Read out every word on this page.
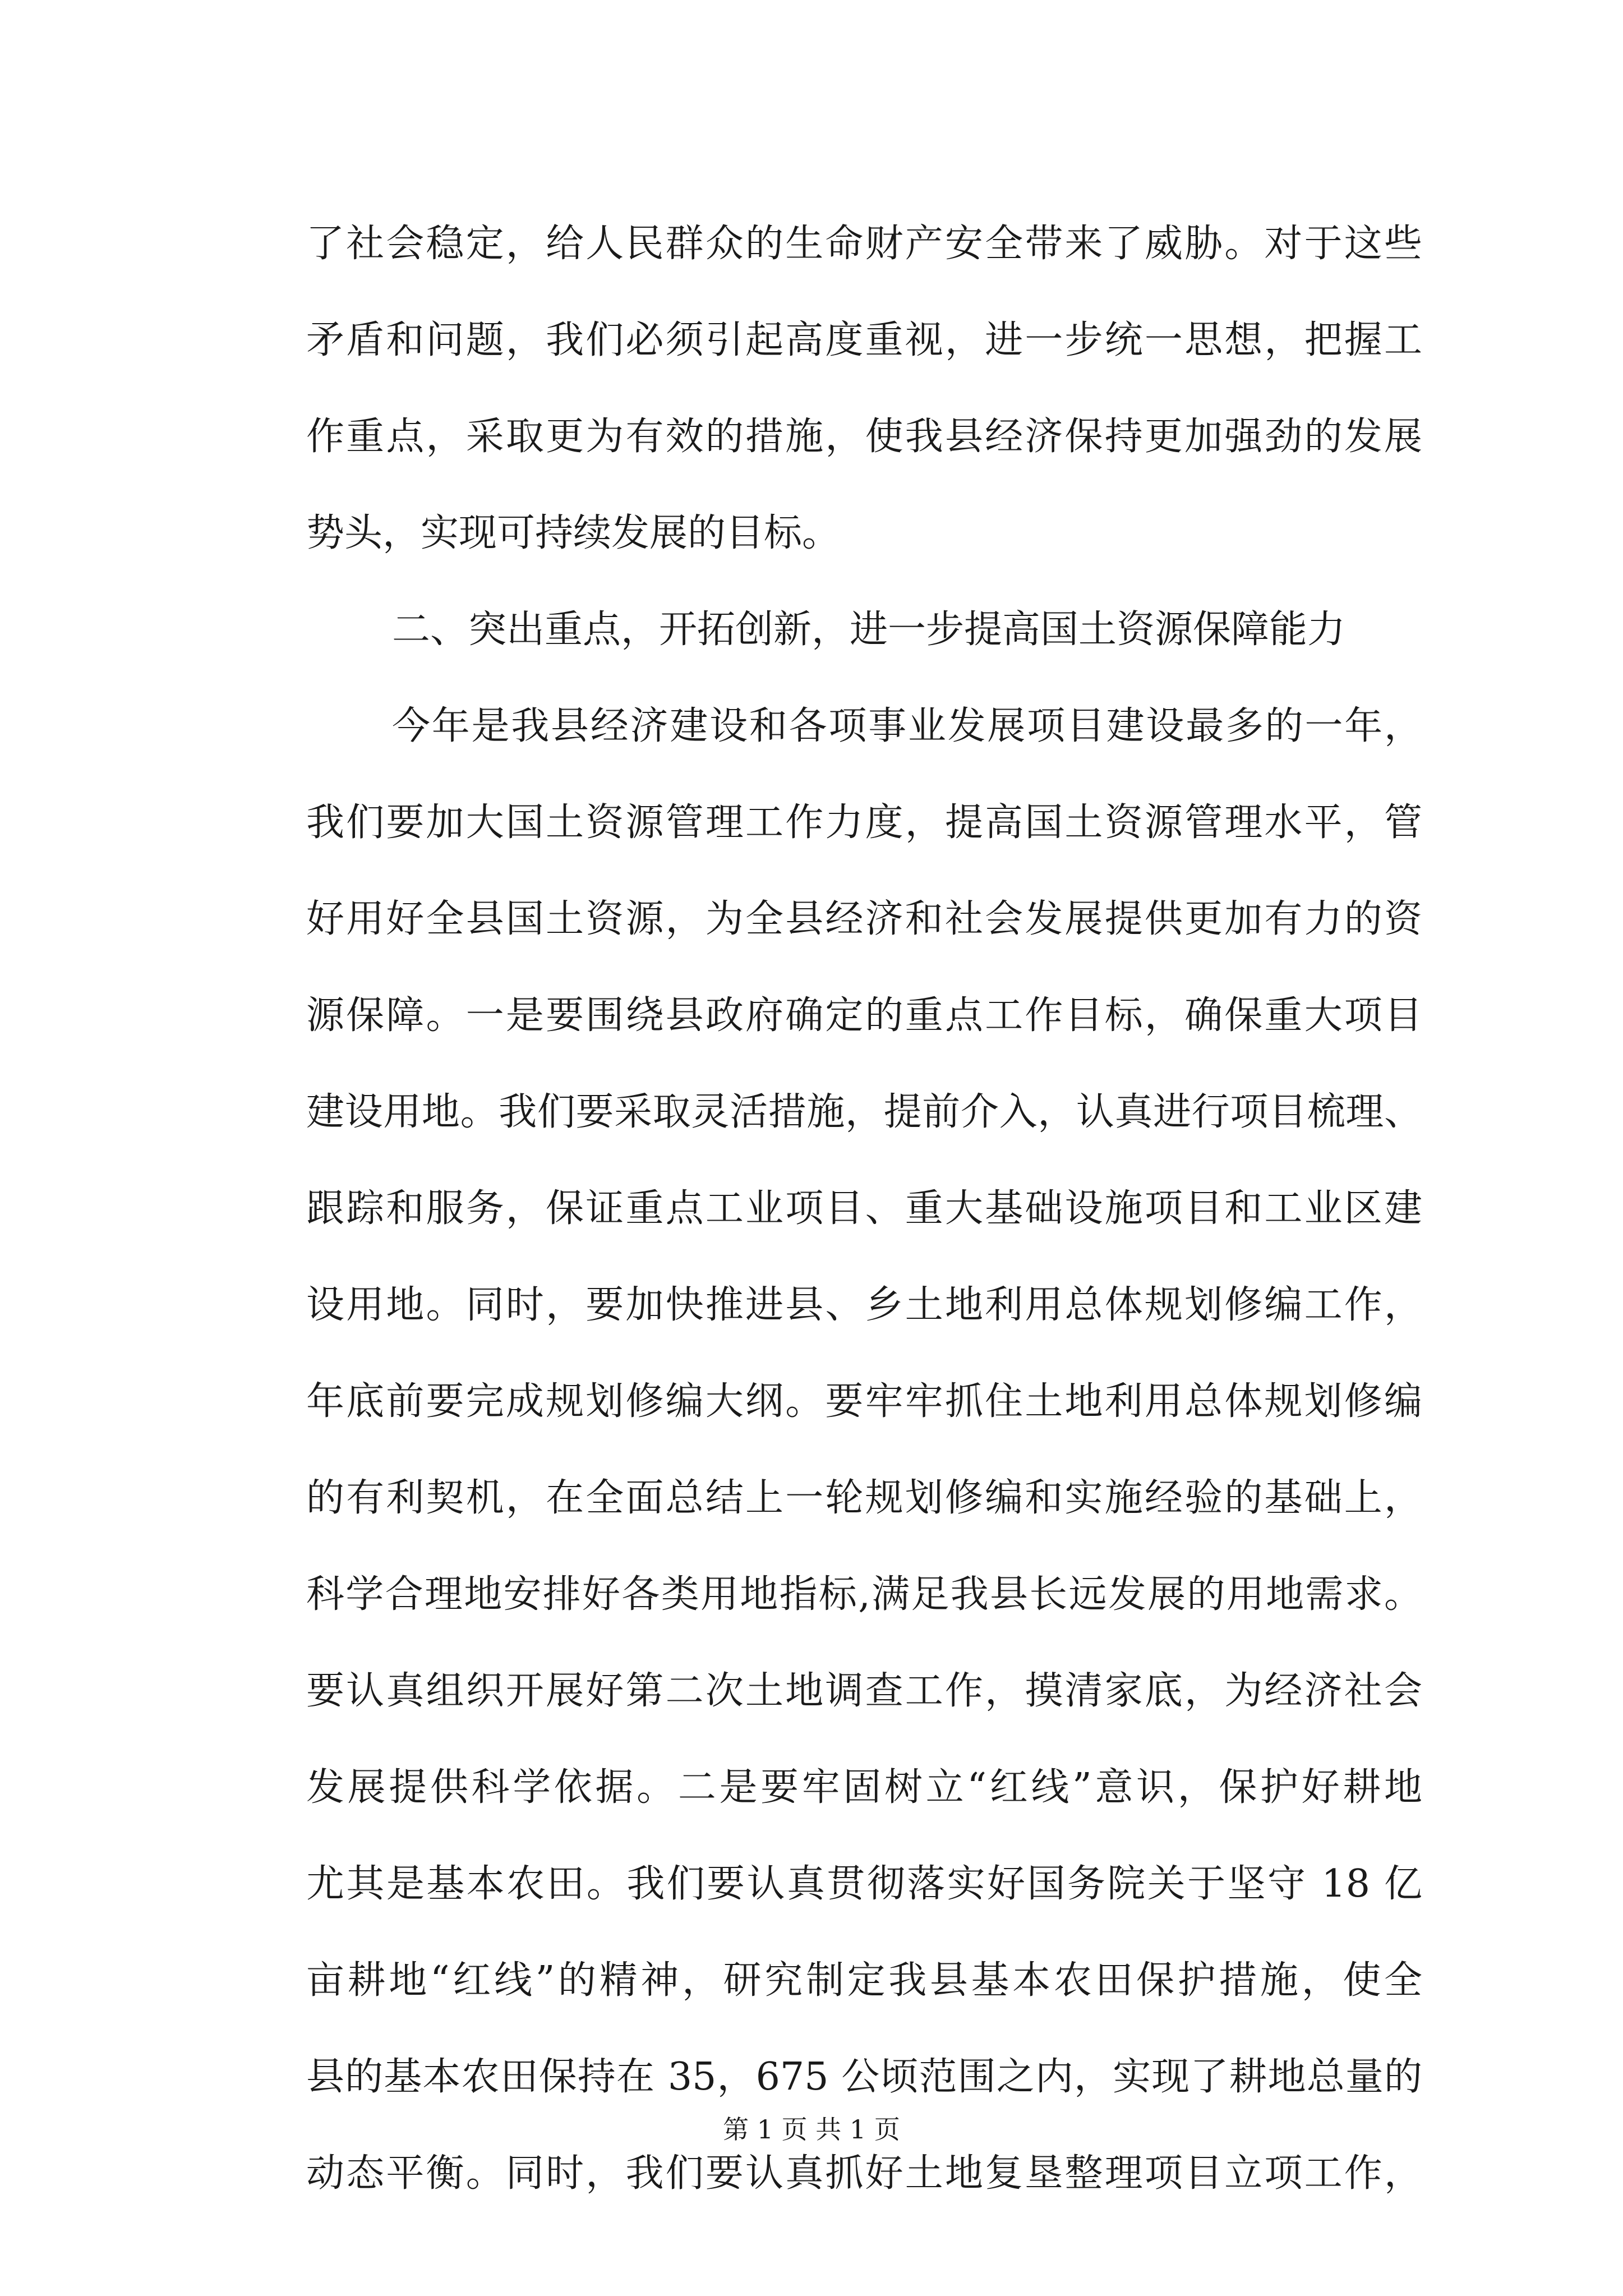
了社会稳定，给人民群众的生命财产安全带来了威胁。对于这些
矛盾和问题，我们必须引起高度重视，进一步统一思想，把握工
作重点，采取更为有效的措施，使我县经济保持更加强劲的发展
势头，实现可持续发展的目标。
二、突出重点，开拓创新，进一步提高国土资源保障能力
今年是我县经济建设和各项事业发展项目建设最多的一年，
我们要加大国土资源管理工作力度，提高国土资源管理水平，管
好用好全县国土资源，为全县经济和社会发展提供更加有力的资
源保障。一是要围绕县政府确定的重点工作目标，确保重大项目
建设用地。我们要采取灵活措施，提前介入，认真进行项目梳理、
跟踪和服务，保证重点工业项目、重大基础设施项目和工业区建
设用地。同时，要加快推进县、乡土地利用总体规划修编工作，
年底前要完成规划修编大纲。要牢牢抓住土地利用总体规划修编
的有利契机，在全面总结上一轮规划修编和实施经验的基础上，
科学合理地安排好各类用地指标,满足我县长远发展的用地需求。
要认真组织开展好第二次土地调查工作，摸清家底，为经济社会
发展提供科学依据。二是要牢固树立“红线”意识，保护好耕地
尤其是基本农田。我们要认真贯彻落实好国务院关于坚守 18 亿
亩耕地“红线”的精神，研究制定我县基本农田保护措施，使全
县的基本农田保持在 35，675 公顷范围之内，实现了耕地总量的
动态平衡。同时，我们要认真抓好土地复垦整理项目立项工作，
第 1 页 共 1 页
